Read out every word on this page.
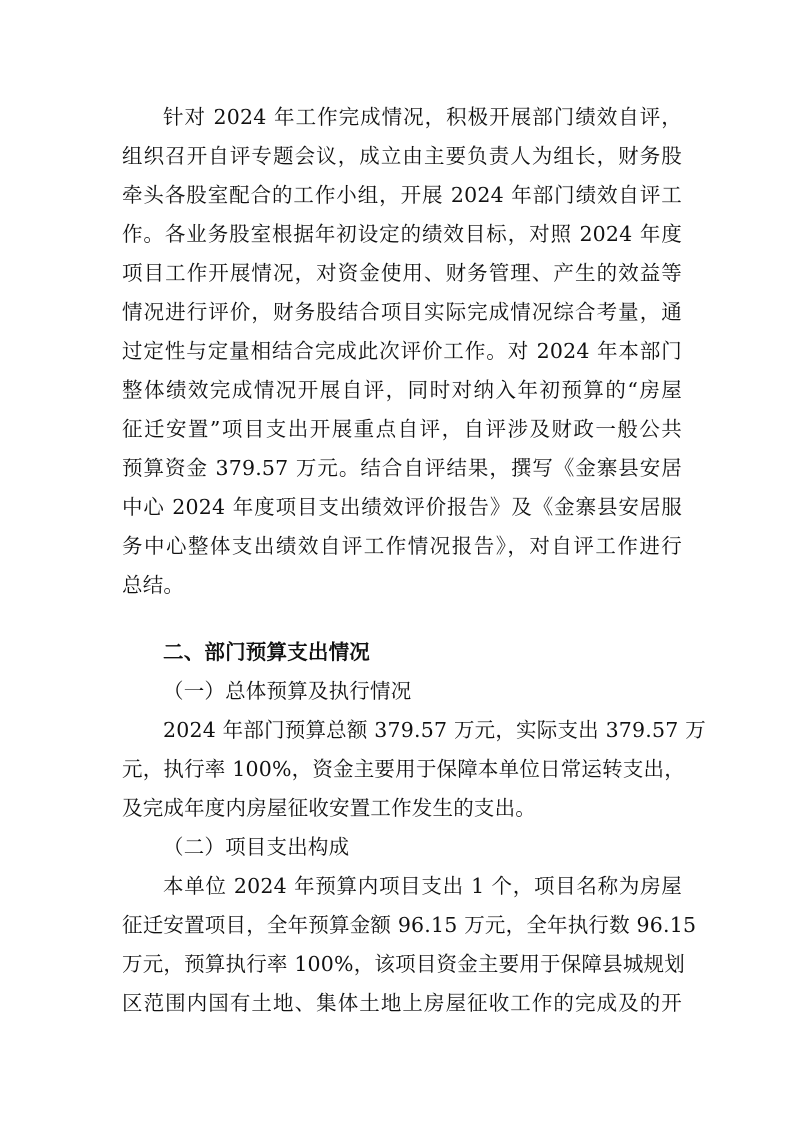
针对 2024 年工作完成情况，积极开展部门绩效自评，
组织召开自评专题会议，成立由主要负责人为组长，财务股
牵头各股室配合的工作小组，开展 2024 年部门绩效自评工
作。各业务股室根据年初设定的绩效目标，对照 2024 年度
项目工作开展情况，对资金使用、财务管理、产生的效益等
情况进行评价，财务股结合项目实际完成情况综合考量，通
过定性与定量相结合完成此次评价工作。对 2024 年本部门
整体绩效完成情况开展自评，同时对纳入年初预算的“房屋
征迁安置”项目支出开展重点自评，自评涉及财政一般公共
预算资金 379.57 万元。结合自评结果，撰写《金寨县安居
中心 2024 年度项目支出绩效评价报告》及《金寨县安居服
务中心整体支出绩效自评工作情况报告》，对自评工作进行
总结。
二、部门预算支出情况
（一）总体预算及执行情况
2024 年部门预算总额 379.57 万元，实际支出 379.57 万
元，执行率 100%，资金主要用于保障本单位日常运转支出，
及完成年度内房屋征收安置工作发生的支出。
（二）项目支出构成
本单位 2024 年预算内项目支出 1 个，项目名称为房屋
征迁安置项目，全年预算金额 96.15 万元，全年执行数 96.15
万元，预算执行率 100%，该项目资金主要用于保障县城规划
区范围内国有土地、集体土地上房屋征收工作的完成及的开
